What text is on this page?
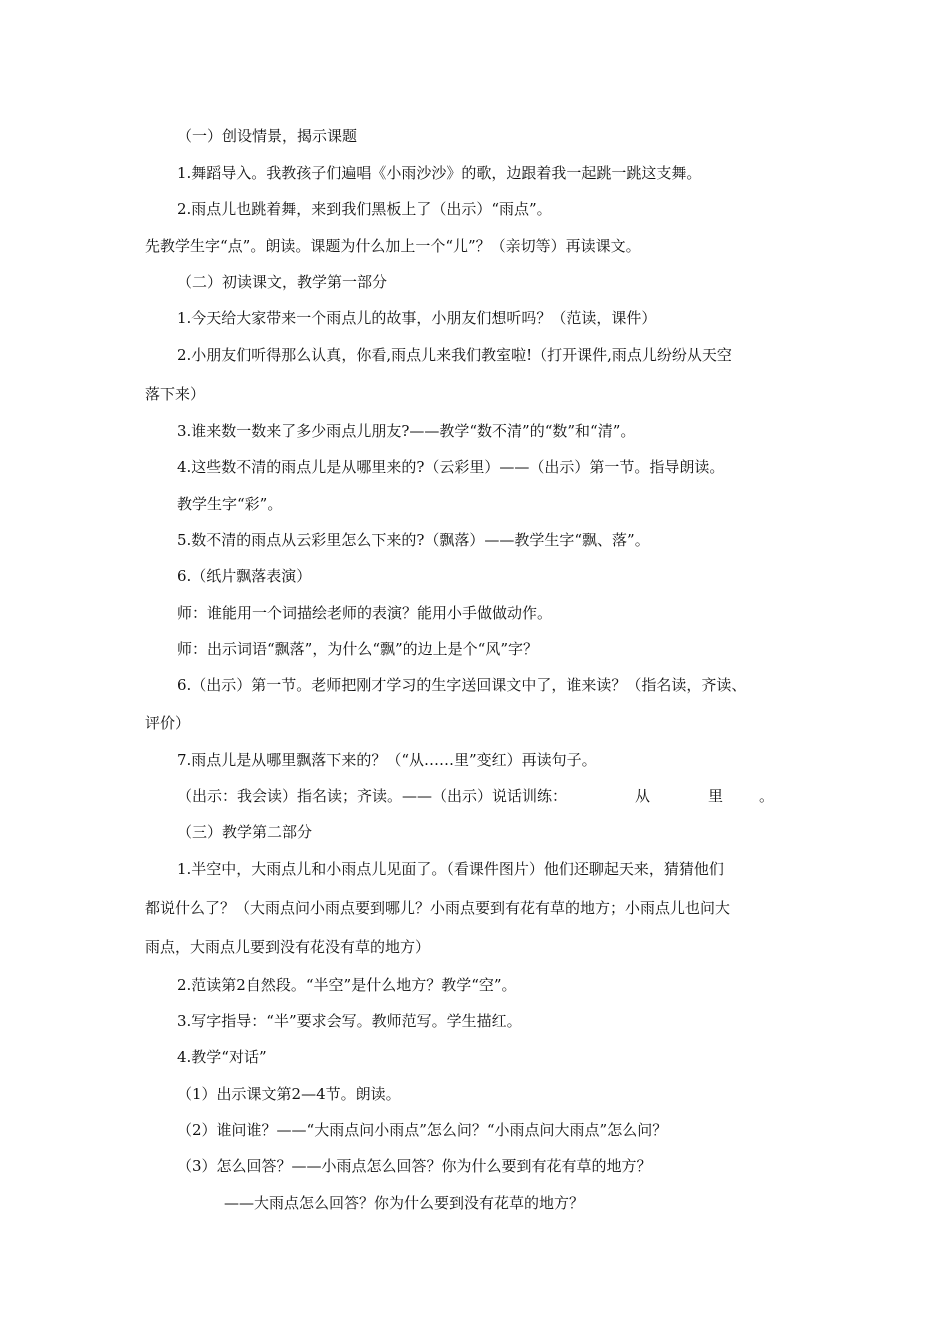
（一）创设情景，揭示课题
1.舞蹈导入。我教孩子们遍唱《小雨沙沙》的歌，边跟着我一起跳一跳这支舞。
2.雨点儿也跳着舞，来到我们黑板上了（出示）“雨点”。
先教学生字“点”。朗读。课题为什么加上一个“儿”？（亲切等）再读课文。
（二）初读课文，教学第一部分
1.今天给大家带来一个雨点儿的故事，小朋友们想听吗？（范读，课件）
2.小朋友们听得那么认真，你看,雨点儿来我们教室啦!（打开课件,雨点儿纷纷从天空
落下来）
3.谁来数一数来了多少雨点儿朋友?——教学“数不清”的“数”和“清”。
4.这些数不清的雨点儿是从哪里来的?（云彩里）——（出示）第一节。指导朗读。
教学生字“彩”。
5.数不清的雨点从云彩里怎么下来的?（飘落）——教学生字“飘、落”。
6.（纸片飘落表演）
师：谁能用一个词描绘老师的表演？能用小手做做动作。
师：出示词语“飘落”，为什么“飘”的边上是个“风”字？
6.（出示）第一节。老师把刚才学习的生字送回课文中了，谁来读？（指名读，齐读、
评价）
7.雨点儿是从哪里飘落下来的？（“从……里”变红）再读句子。
（出示：我会读）指名读；齐读。——（出示）说话训练：	从	里 。
（三）教学第二部分
1.半空中，大雨点儿和小雨点儿见面了。（看课件图片）他们还聊起天来，猜猜他们
都说什么了？（大雨点问小雨点要到哪儿？小雨点要到有花有草的地方；小雨点儿也问大
雨点，大雨点儿要到没有花没有草的地方）
2.范读第2自然段。“半空”是什么地方？教学“空”。
3.写字指导：“半”要求会写。教师范写。学生描红。
4.教学“对话”
（1）出示课文第2—4节。朗读。
（2）谁问谁？——“大雨点问小雨点”怎么问？“小雨点问大雨点”怎么问？
（3）怎么回答？——小雨点怎么回答？你为什么要到有花有草的地方？
——大雨点怎么回答？你为什么要到没有花草的地方？
